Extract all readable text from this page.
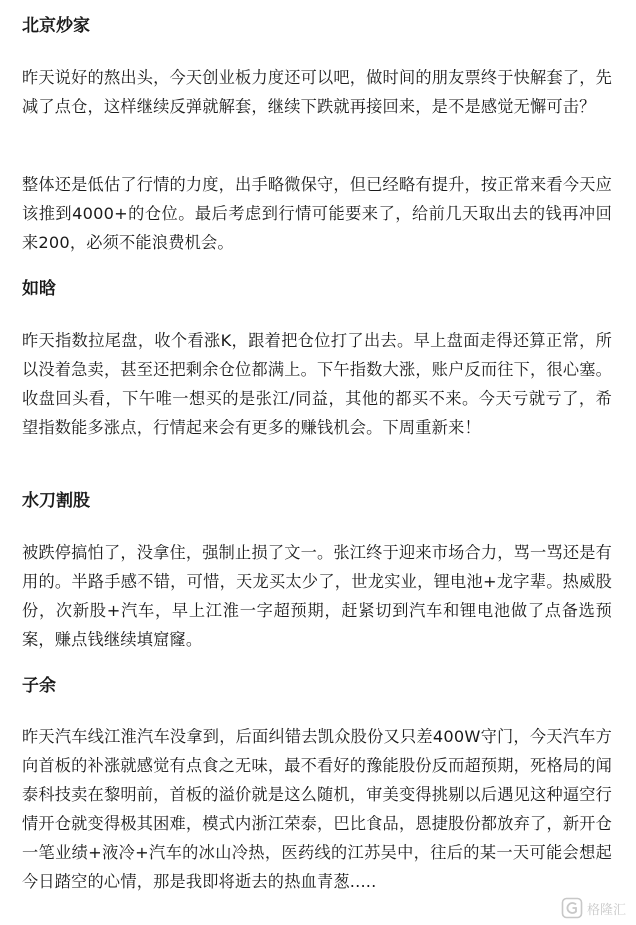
北京炒家

昨天说好的熬出头，今天创业板力度还可以吧，做时间的朋友票终于快解套了，先减了点仓，这样继续反弹就解套，继续下跌就再接回来，是不是感觉无懈可击？

整体还是低估了行情的力度，出手略微保守，但已经略有提升，按正常来看今天应该推到4000+的仓位。最后考虑到行情可能要来了，给前几天取出去的钱再冲回来200，必须不能浪费机会。

如晗

昨天指数拉尾盘，收个看涨K，跟着把仓位打了出去。早上盘面走得还算正常，所以没着急卖，甚至还把剩余仓位都满上。下午指数大涨，账户反而往下，很心塞。收盘回头看，下午唯一想买的是张江/同益，其他的都买不来。今天亏就亏了，希望指数能多涨点，行情起来会有更多的赚钱机会。下周重新来！

水刀割股

被跌停搞怕了，没拿住，强制止损了文一。张江终于迎来市场合力，骂一骂还是有用的。半路手感不错，可惜，天龙买太少了，世龙实业，锂电池+龙字辈。热威股份，次新股+汽车，早上江淮一字超预期，赶紧切到汽车和锂电池做了点备选预案，赚点钱继续填窟窿。

子余

昨天汽车线江淮汽车没拿到，后面纠错去凯众股份又只差400W守门，今天汽车方向首板的补涨就感觉有点食之无味，最不看好的豫能股份反而超预期，死格局的闻泰科技卖在黎明前，首板的溢价就是这么随机，审美变得挑剔以后遇见这种逼空行情开仓就变得极其困难，模式内浙江荣泰，巴比食品，恩捷股份都放弃了，新开仓一笔业绩+液冷+汽车的冰山冷热，医药线的江苏吴中，往后的某一天可能会想起今日踏空的心情，那是我即将逝去的热血青葱.....

格隆汇
